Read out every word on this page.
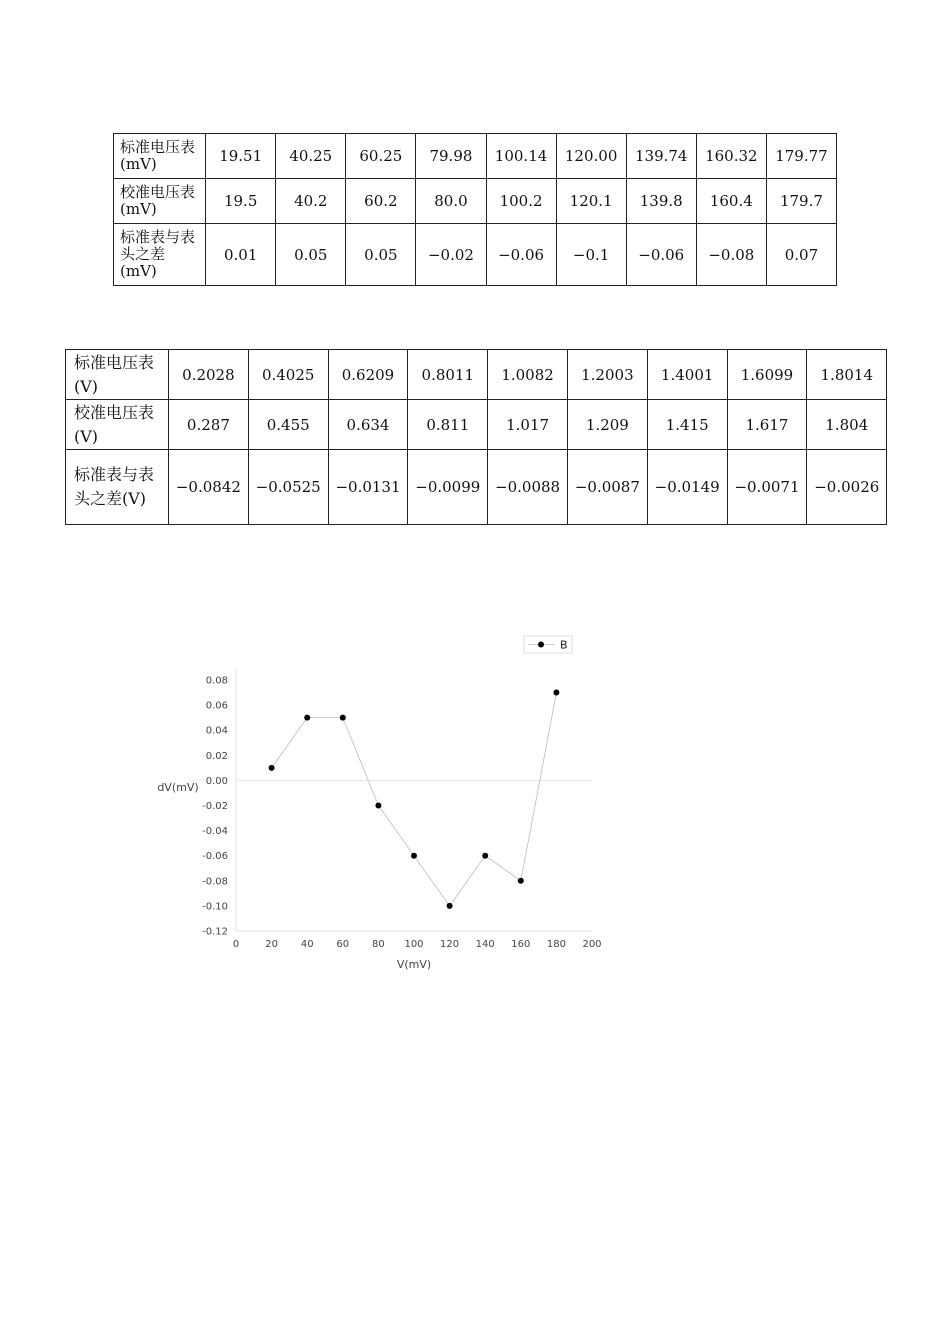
标准电压表(mV)	19.51	40.25	60.25	79.98	100.14	120.00	139.74	160.32	179.77
校准电压表(mV)	19.5	40.2	60.2	80.0	100.2	120.1	139.8	160.4	179.7
标准表与表头之差(mV)	0.01	0.05	0.05	−0.02	−0.06	−0.1	−0.06	−0.08	0.07
标准电压表(V)	0.2028	0.4025	0.6209	0.8011	1.0082	1.2003	1.4001	1.6099	1.8014
校准电压表(V)	0.287	0.455	0.634	0.811	1.017	1.209	1.415	1.617	1.804
标准表与表头之差(V)	−0.0842	−0.0525	−0.0131	−0.0099	−0.0088	−0.0087	−0.0149	−0.0071	−0.0026
0.08
0.06
0.04
0.02
0.00
-0.02
-0.04
-0.06
-0.08
-0.10
-0.12
0	20 40 60 80 100 120 140 160 180 200
B
dV(mV)
V(mV)
